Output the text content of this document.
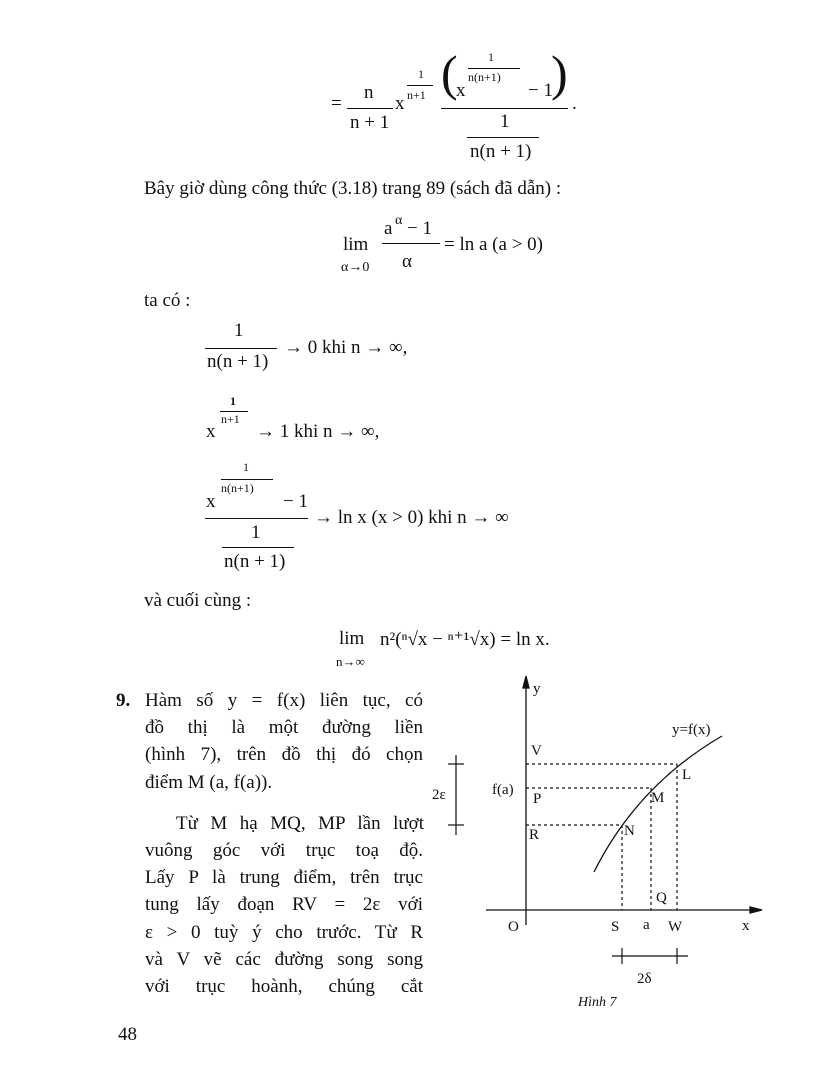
=
n
n + 1
x
1
n+1 (
x
1
n(n+1)
− 1
)
.
1
n(n + 1)
Bây giờ dùng công thức (3.18) trang 89 (sách đã dẫn) :
lim
α→0
a α − 1
α
= ln a (a > 0)
ta có :
1
n(n + 1)
→ 0 khi n → ∞,
1
n+1
x → 1 khi n → ∞,
1
n(n+1)
x	− 1
1
n(n + 1)
→ ln x (x > 0) khi n → ∞
và cuối cùng :
lim
n→∞
n²(ⁿ√x − ⁿ⁺¹√x) = ln x.
9. Hàm số y = f(x) liên tục, có
đồ thị là một đường liền
(hình 7), trên đồ thị đó chọn
điểm M (a, f(a)).
Từ M hạ MQ, MP lần lượt
vuông góc với trục toạ độ.
Lấy P là trung điểm, trên trục
tung lấy đoạn RV = 2ε với
ε > 0 tuỳ ý cho trước. Từ R
và V vẽ các đường song song
với trục hoành, chúng cắt
y
x
O
y=f(x)
V
P
R
f(a)
2ε
L
M
N
Q
S a W
2δ
Hình 7
48
